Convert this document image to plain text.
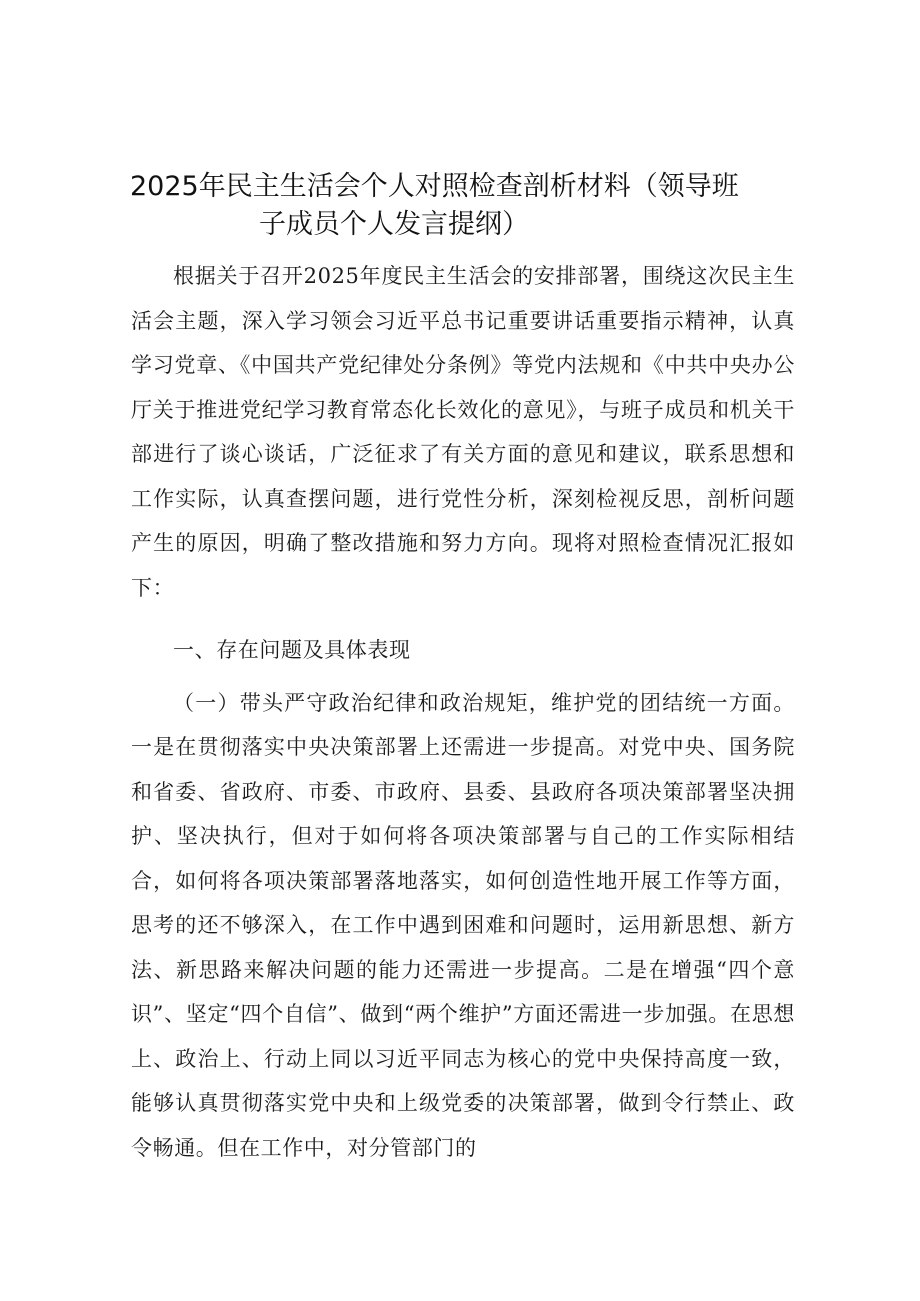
2025年民主生活会个人对照检查剖析材料（领导班
子成员个人发言提纲）

根据关于召开2025年度民主生活会的安排部署，围绕这次民主生活会主题，深入学习领会习近平总书记重要讲话重要指示精神，认真学习党章、《中国共产党纪律处分条例》等党内法规和《中共中央办公厅关于推进党纪学习教育常态化长效化的意见》，与班子成员和机关干部进行了谈心谈话，广泛征求了有关方面的意见和建议，联系思想和工作实际，认真查摆问题，进行党性分析，深刻检视反思，剖析问题产生的原因，明确了整改措施和努力方向。现将对照检查情况汇报如下：

一、存在问题及具体表现

（一）带头严守政治纪律和政治规矩，维护党的团结统一方面。一是在贯彻落实中央决策部署上还需进一步提高。对党中央、国务院和省委、省政府、市委、市政府、县委、县政府各项决策部署坚决拥护、坚决执行，但对于如何将各项决策部署与自己的工作实际相结合，如何将各项决策部署落地落实，如何创造性地开展工作等方面，思考的还不够深入，在工作中遇到困难和问题时，运用新思想、新方法、新思路来解决问题的能力还需进一步提高。二是在增强“四个意识”、坚定“四个自信”、做到“两个维护”方面还需进一步加强。在思想上、政治上、行动上同以习近平同志为核心的党中央保持高度一致，能够认真贯彻落实党中央和上级党委的决策部署，做到令行禁止、政令畅通。但在工作中，对分管部门的
